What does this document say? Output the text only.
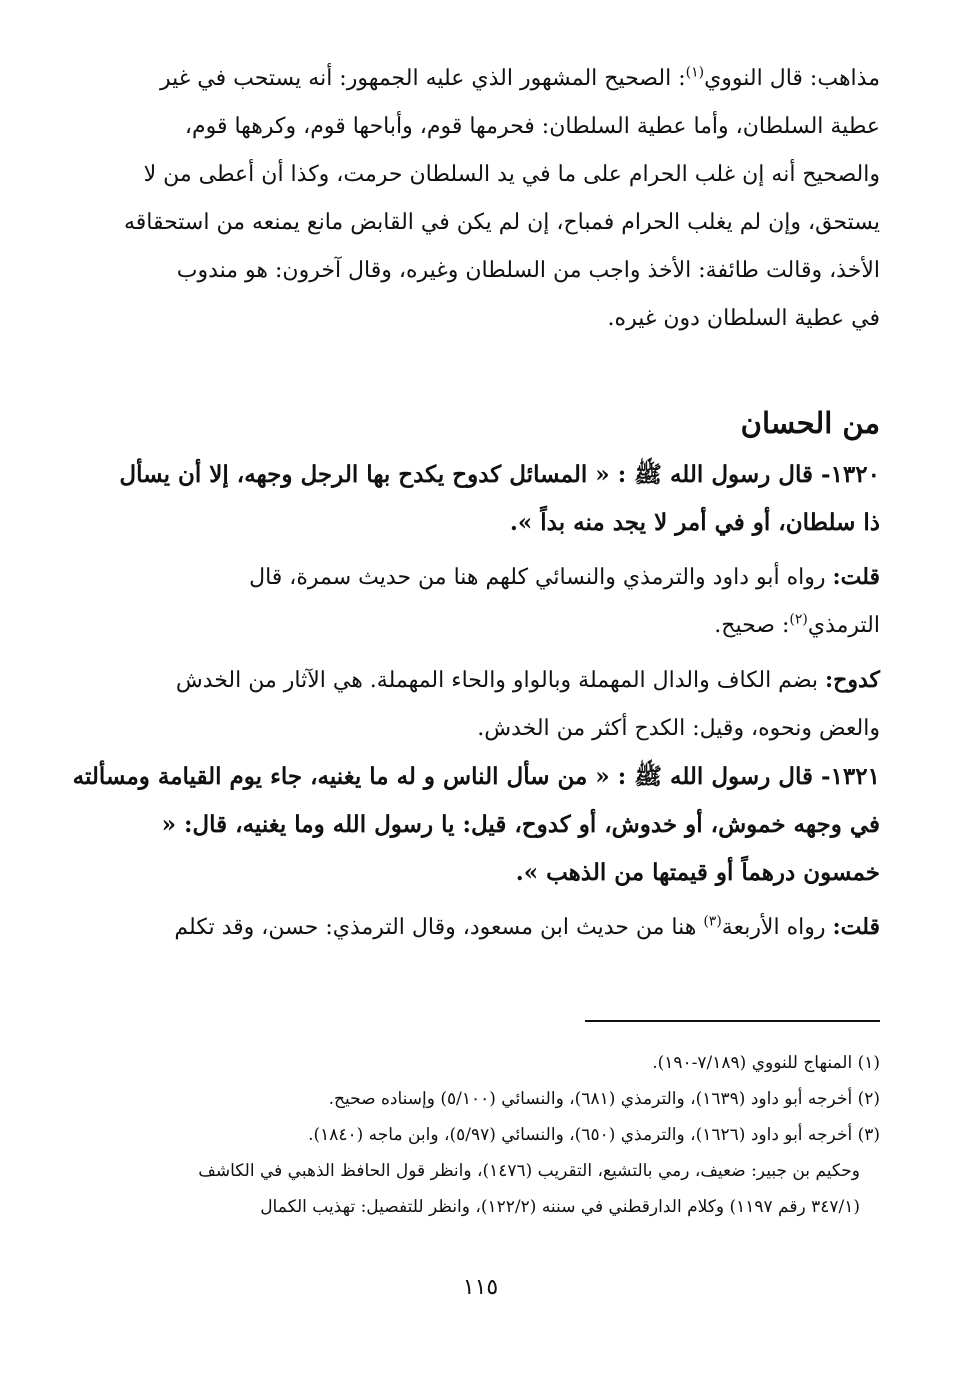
مذاهب: قال النووي$^{(١)}$: الصحيح المشهور الذي عليه الجمهور: أنه يستحب في غير
عطية السلطان، وأما عطية السلطان: فحرمها قوم، وأباحها قوم، وكرهها قوم،
والصحيح أنه إن غلب الحرام على ما في يد السلطان حرمت، وكذا أن أعطى من لا
يستحق، وإن لم يغلب الحرام فمباح، إن لم يكن في القابض مانع يمنعه من استحقاقه
الأخذ، وقالت طائفة: الأخذ واجب من السلطان وغيره، وقال آخرون: هو مندوب
في عطية السلطان دون غيره.
من الحسان
١٣٢٠- قال رسول الله ﷺ : « المسائل كدوح يكدح بها الرجل وجهه، إلا أن يسأل
ذا سلطان، أو في أمر لا يجد منه بداً ».
قلت: رواه أبو داود والترمذي والنسائي كلهم هنا من حديث سمرة، قال
الترمذي$^{(٢)}$: صحيح.
كدوح: بضم الكاف والدال المهملة وبالواو والحاء المهملة. هي الآثار من الخدش
والعض ونحوه، وقيل: الكدح أكثر من الخدش.
١٣٢١- قال رسول الله ﷺ : « من سأل الناس و له ما يغنيه، جاء يوم القيامة ومسألته
في وجهه خموش، أو خدوش، أو كدوح، قيل: يا رسول الله وما يغنيه، قال: «
خمسون درهماً أو قيمتها من الذهب ».
قلت: رواه الأربعة$^{(٣)}$ هنا من حديث ابن مسعود، وقال الترمذي: حسن، وقد تكلم
(١) المنهاج للنووي (٧/١٨٩-١٩٠).
(٢) أخرجه أبو داود (١٦٣٩)، والترمذي (٦٨١)، والنسائي (٥/١٠٠) وإسناده صحيح.
(٣) أخرجه أبو داود (١٦٢٦)، والترمذي (٦٥٠)، والنسائي (٥/٩٧)، وابن ماجه (١٨٤٠).
وحكيم بن جبير: ضعيف، رمي بالتشيع، التقريب (١٤٧٦)، وانظر قول الحافظ الذهبي في الكاشف
(٣٤٧/١ رقم ١١٩٧) وكلام الدارقطني في سننه (١٢٢/٢)، وانظر للتفصيل: تهذيب الكمال
١١٥
